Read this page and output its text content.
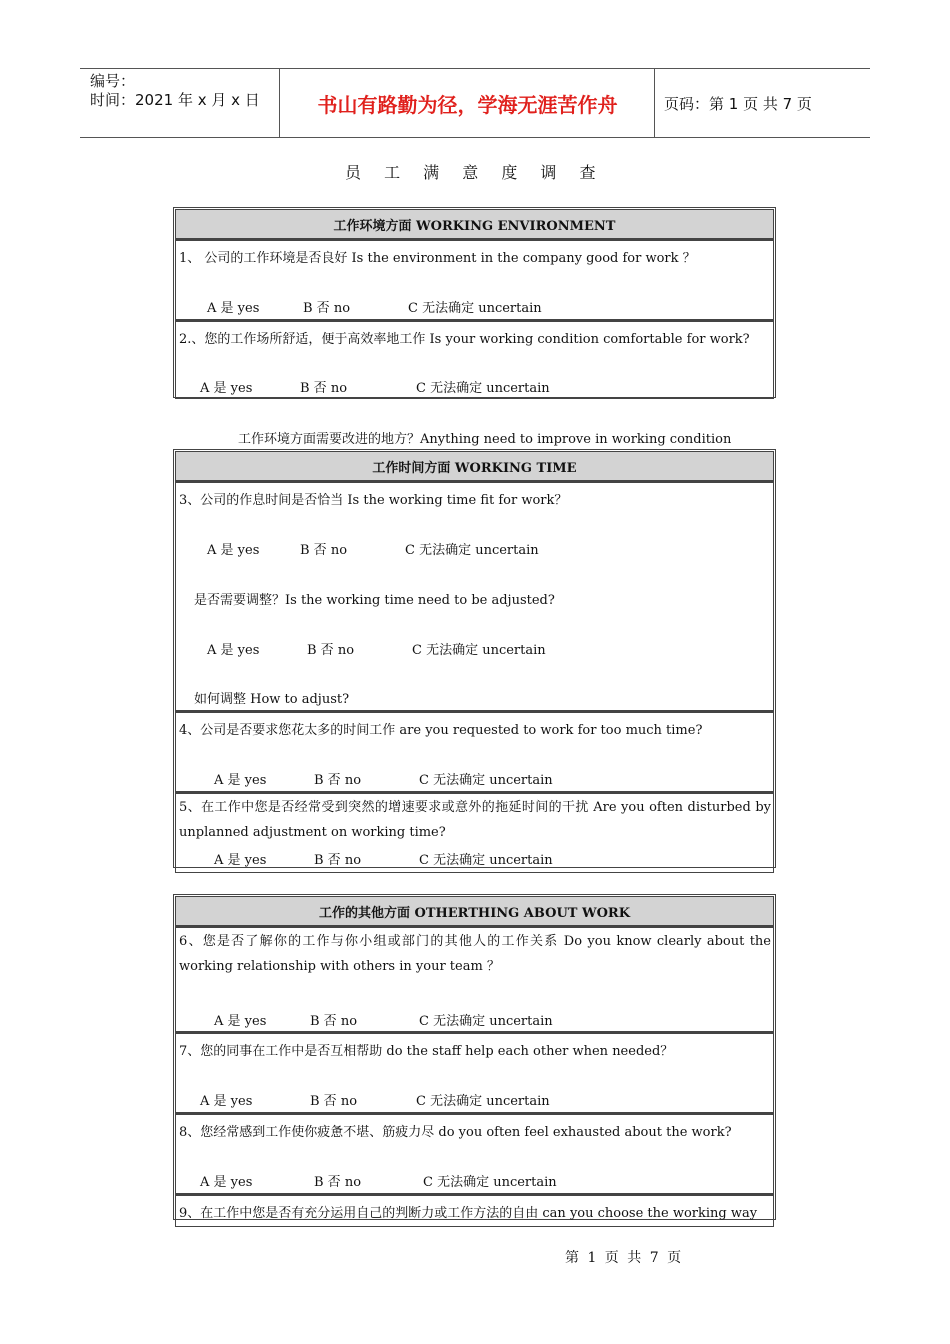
编号：
时间：2021 年 x 月 x 日	书山有路勤为径，学海无涯苦作舟	页码：第 1 页 共 7 页
员 工 满 意 度 调 查
工作环境方面 WORKING ENVIRONMENT
1、 公司的工作环境是否良好 Is the environment in the company good for work ？
A 是 yes	B 否 no	C 无法确定 uncertain
2.、您的工作场所舒适，便于高效率地工作 Is your working condition comfortable for work?
A 是 yes	B 否 no	C 无法确定 uncertain
工作环境方面需要改进的地方？Anything need to improve in working condition
工作时间方面 WORKING TIME
3、公司的作息时间是否恰当 Is the working time fit for work？
A 是 yes	B 否 no	C 无法确定 uncertain
是否需要调整？Is the working time need to be adjusted?
A 是 yes	B 否 no	C 无法确定 uncertain
如何调整 How to adjust?
4、公司是否要求您花太多的时间工作 are you requested to work for too much time?
A 是 yes	B 否 no	C 无法确定 uncertain
5、在工作中您是否经常受到突然的增速要求或意外的拖延时间的干扰 Are you often disturbed by unplanned adjustment on working time?
A 是 yes	B 否 no	C 无法确定 uncertain
工作的其他方面 OTHERTHING ABOUT WORK
6、您是否了解你的工作与你小组或部门的其他人的工作关系 Do you know clearly about the working relationship with others in your team ？
A 是 yes	B 否 no	C 无法确定 uncertain
7、您的同事在工作中是否互相帮助 do the staff help each other when needed？
A 是 yes	B 否 no	C 无法确定 uncertain
8、您经常感到工作使你疲惫不堪、筋疲力尽 do you often feel exhausted about the work?
A 是 yes	B 否 no	C 无法确定 uncertain
9、在工作中您是否有充分运用自己的判断力或工作方法的自由 can you choose the working way
第 1 页 共 7 页
